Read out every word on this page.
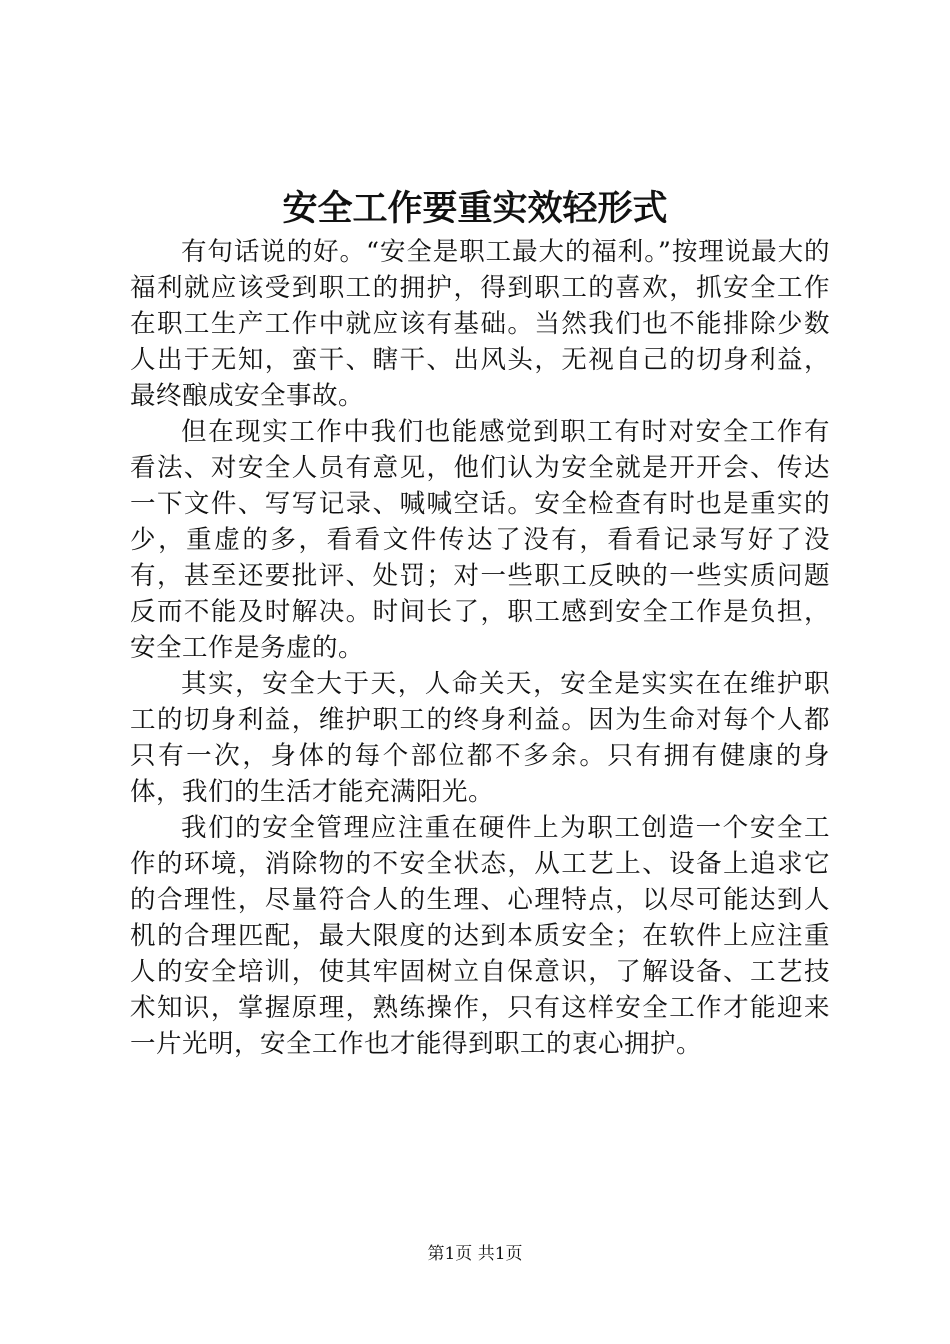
安全工作要重实效轻形式

有句话说的好。“安全是职工最大的福利。”按理说最大的福利就应该受到职工的拥护，得到职工的喜欢，抓安全工作在职工生产工作中就应该有基础。当然我们也不能排除少数人出于无知，蛮干、瞎干、出风头，无视自己的切身利益，最终酿成安全事故。

但在现实工作中我们也能感觉到职工有时对安全工作有看法、对安全人员有意见，他们认为安全就是开开会、传达一下文件、写写记录、喊喊空话。安全检查有时也是重实的少，重虚的多，看看文件传达了没有，看看记录写好了没有，甚至还要批评、处罚；对一些职工反映的一些实质问题反而不能及时解决。时间长了，职工感到安全工作是负担，安全工作是务虚的。

其实，安全大于天，人命关天，安全是实实在在维护职工的切身利益，维护职工的终身利益。因为生命对每个人都只有一次，身体的每个部位都不多余。只有拥有健康的身体，我们的生活才能充满阳光。

我们的安全管理应注重在硬件上为职工创造一个安全工作的环境，消除物的不安全状态，从工艺上、设备上追求它的合理性，尽量符合人的生理、心理特点，以尽可能达到人机的合理匹配，最大限度的达到本质安全；在软件上应注重人的安全培训，使其牢固树立自保意识，了解设备、工艺技术知识，掌握原理，熟练操作，只有这样安全工作才能迎来一片光明，安全工作也才能得到职工的衷心拥护。

第1页 共1页
